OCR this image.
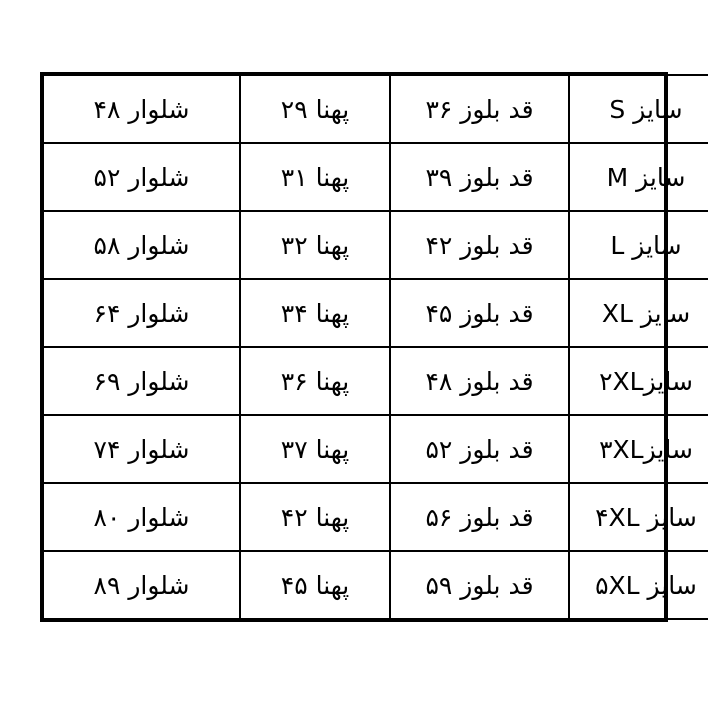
سایز S	قد بلوز ۳۶	پهنا ۲۹	شلوار ۴۸
سایز M	قد بلوز ۳۹	پهنا ۳۱	شلوار ۵۲
سایز L	قد بلوز ۴۲	پهنا ۳۲	شلوار ۵۸
سایز XL	قد بلوز ۴۵	پهنا ۳۴	شلوار ۶۴
سایز۲XL	قد بلوز ۴۸	پهنا ۳۶	شلوار ۶۹
سایز۳XL	قد بلوز ۵۲	پهنا ۳۷	شلوار ۷۴
سایز ۴XL	قد بلوز ۵۶	پهنا ۴۲	شلوار ۸۰
سایز ۵XL	قد بلوز ۵۹	پهنا ۴۵	شلوار ۸۹
